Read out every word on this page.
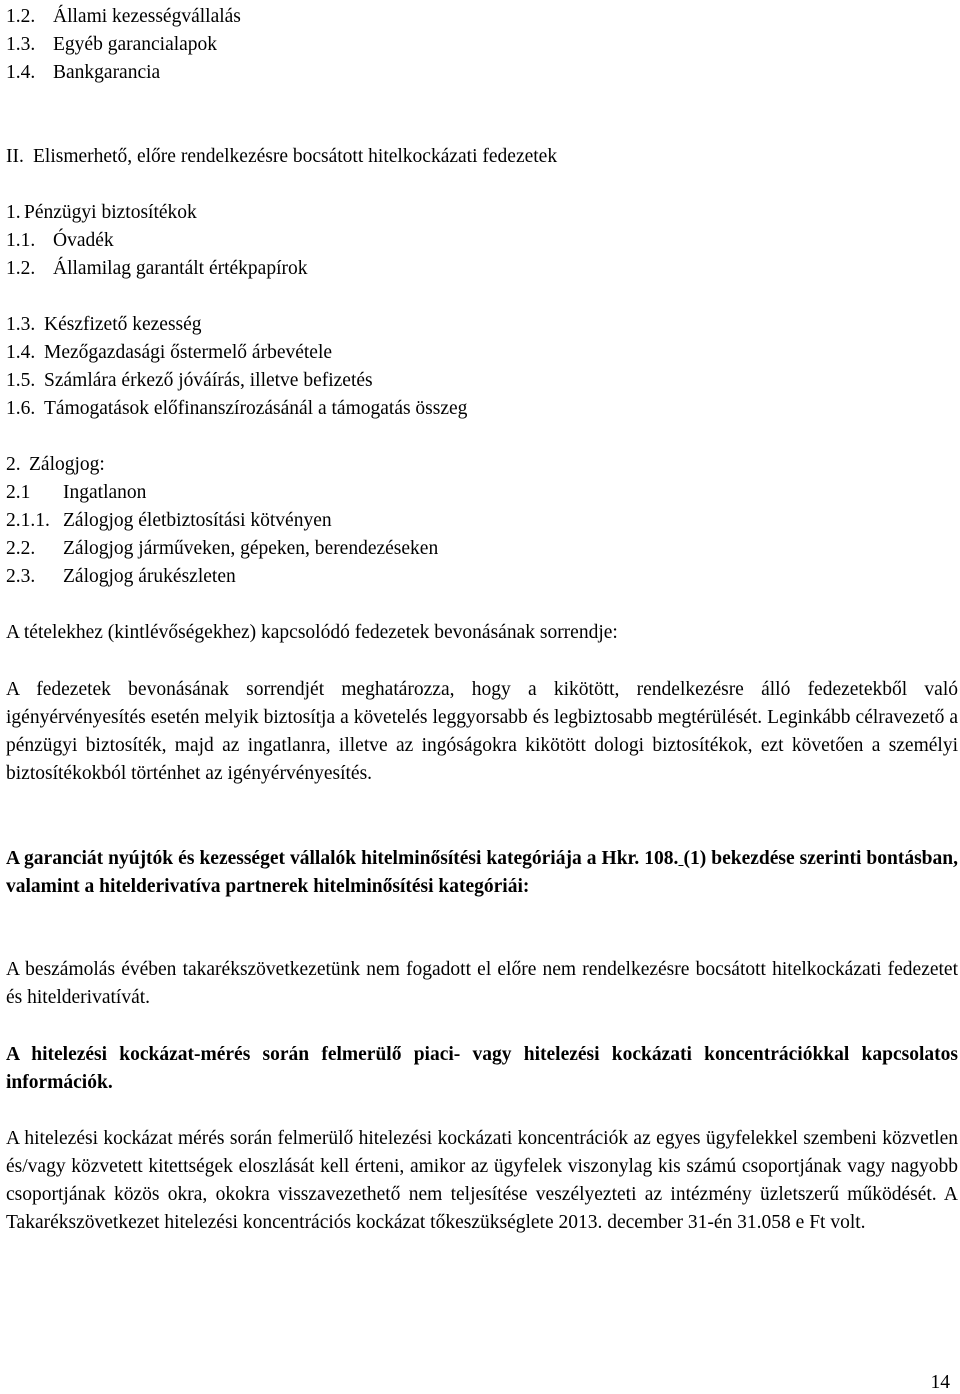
1.2. Állami kezességvállalás
1.3. Egyéb garancialapok
1.4. Bankgarancia
II. Elismerhető, előre rendelkezésre bocsátott hitelkockázati fedezetek
1. Pénzügyi biztosítékok
1.1. Óvadék
1.2. Államilag garantált értékpapírok
1.3. Készfizető kezesség
1.4. Mezőgazdasági őstermelő árbevétele
1.5. Számlára érkező jóváírás, illetve befizetés
1.6. Támogatások előfinanszírozásánál a támogatás összeg
2. Zálogjog:
2.1 Ingatlanon
2.1.1. Zálogjog életbiztosítási kötvényen
2.2. Zálogjog járműveken, gépeken, berendezéseken
2.3. Zálogjog árukészleten
A tételekhez (kintlévőségekhez) kapcsolódó fedezetek bevonásának sorrendje:
A fedezetek bevonásának sorrendjét meghatározza, hogy a kikötött, rendelkezésre álló fedezetekből való igényérvényesítés esetén melyik biztosítja a követelés leggyorsabb és legbiztosabb megtérülését. Leginkább célravezető a pénzügyi biztosíték, majd az ingatlanra, illetve az ingóságokra kikötött dologi biztosítékok, ezt követően a személyi biztosítékokból történhet az igényérvényesítés.
A garanciát nyújtók és kezességet vállalók hitelminősítési kategóriája a Hkr. 108. (1) bekezdése szerinti bontásban, valamint a hitelderivatíva partnerek hitelminősítési kategóriái:
A beszámolás évében takarékszövetkezetünk nem fogadott el előre nem rendelkezésre bocsátott hitelkockázati fedezetet és hitelderivatívát.
A hitelezési kockázat-mérés során felmerülő piaci- vagy hitelezési kockázati koncentrációkkal kapcsolatos információk.
A hitelezési kockázat mérés során felmerülő hitelezési kockázati koncentrációk az egyes ügyfelekkel szembeni közvetlen és/vagy közvetett kitettségek eloszlását kell érteni, amikor az ügyfelek viszonylag kis számú csoportjának vagy nagyobb csoportjának közös okra, okokra visszavezethető nem teljesítése veszélyezteti az intézmény üzletszerű működését. A Takarékszövetkezet hitelezési koncentrációs kockázat tőkeszükséglete 2013. december 31-én 31.058 e Ft volt.
14
